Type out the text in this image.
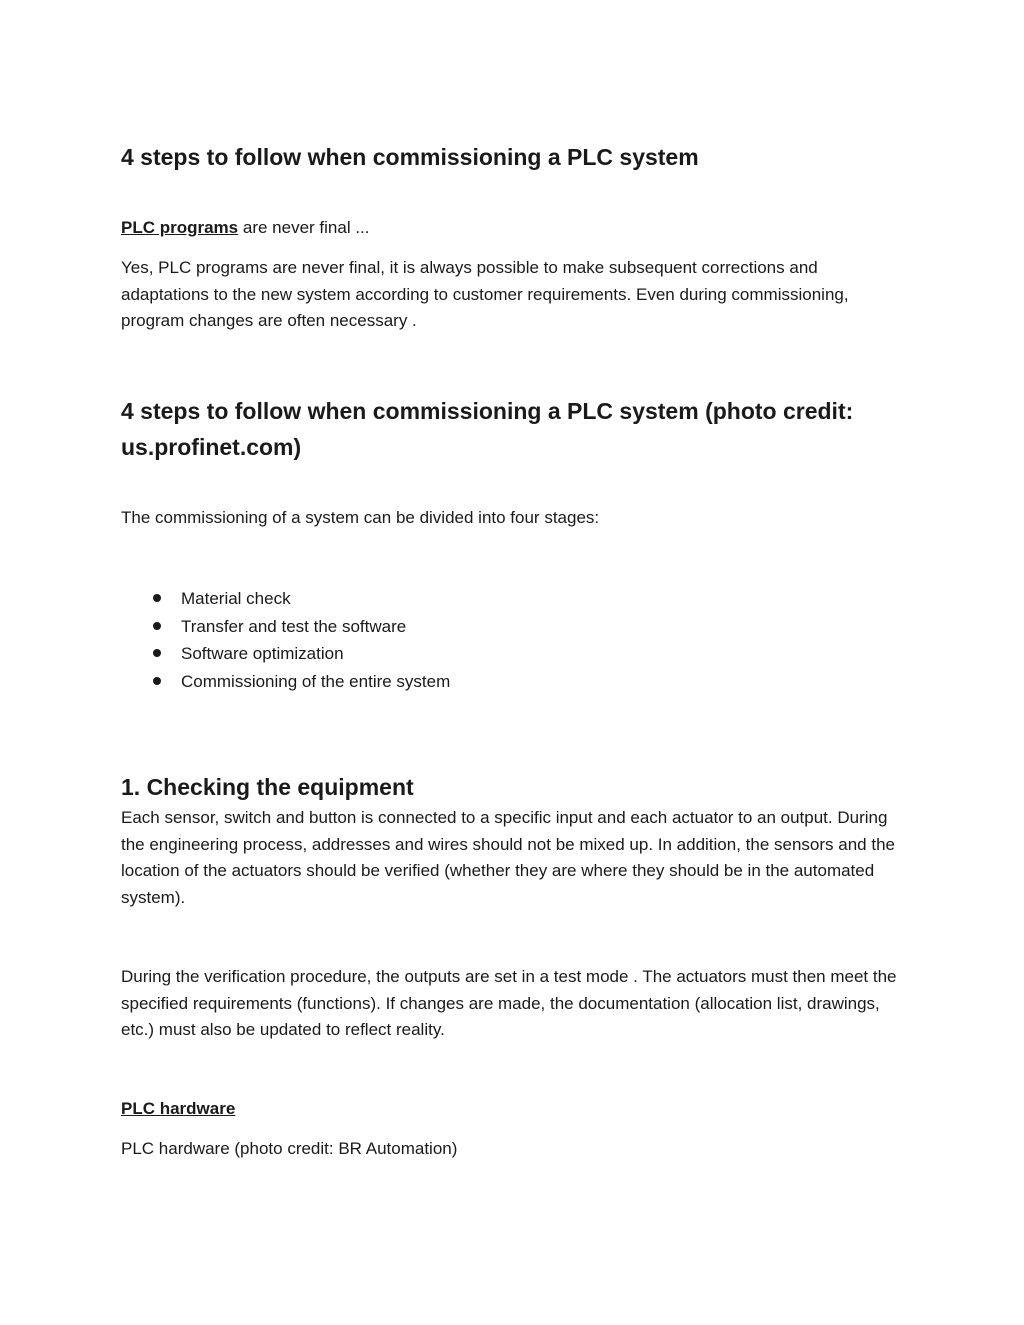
4 steps to follow when commissioning a PLC system

PLC programs are never final ...

Yes, PLC programs are never final, it is always possible to make subsequent corrections and adaptations to the new system according to customer requirements. Even during commissioning, program changes are often necessary .

4 steps to follow when commissioning a PLC system (photo credit: us.profinet.com)

The commissioning of a system can be divided into four stages:

Material check
Transfer and test the software
Software optimization
Commissioning of the entire system
1. Checking the equipment

Each sensor, switch and button is connected to a specific input and each actuator to an output. During the engineering process, addresses and wires should not be mixed up. In addition, the sensors and the location of the actuators should be verified (whether they are where they should be in the automated system).

During the verification procedure, the outputs are set in a test mode . The actuators must then meet the specified requirements (functions). If changes are made, the documentation (allocation list, drawings, etc.) must also be updated to reflect reality.

PLC hardware

PLC hardware (photo credit: BR Automation)
